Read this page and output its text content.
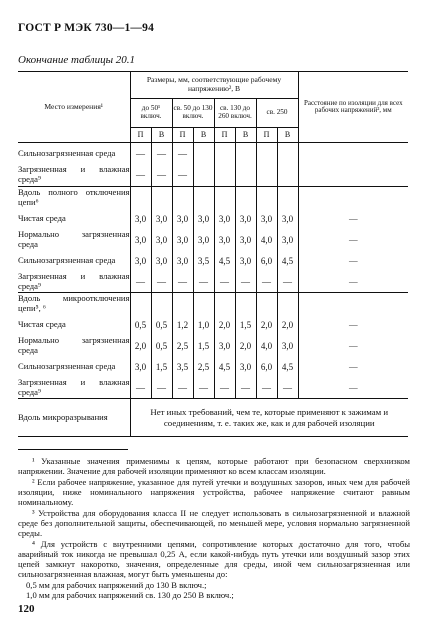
ГОСТ Р МЭК 730—1—94
Окончание таблицы 20.1
Место измерения¹	Размеры, мм, соответствующие рабочему напряжению², В								Расстояние по изоляции для всех рабочих напряжений², мм
	до 50¹ включ.		св. 50 до 130 включ.		св. 130 до 260 включ.		св. 250		
	П	В	П	В	П	В	П	В	
Сильнозагрязненная среда	—	—	—						
Загрязненная и влажная среда⁹	—	—	—						
Вдоль полного отключения цепи⁶									
Чистая среда	3,0	3,0	3,0	3,0	3,0	3,0	3,0	3,0	—
Нормально загрязненная среда	3,0	3,0	3,0	3,0	3,0	3,0	4,0	3,0	—
Сильнозагрязненная среда	3,0	3,0	3,0	3,5	4,5	3,0	6,0	4,5	—
Загрязненная и влажная среда⁹	—	—	—	—	—	—	—	—	—
Вдоль микроотключения цепи⁵, ⁶									
Чистая среда	0,5	0,5	1,2	1,0	2,0	1,5	2,0	2,0	—
Нормально загрязненная среда	2,0	0,5	2,5	1,5	3,0	2,0	4,0	3,0	—
Сильнозагрязненная среда	3,0	1,5	3,5	2,5	4,5	3,0	6,0	4,5	—
Загрязненная и влажная среда⁹	—	—	—	—	—	—	—	—	—
Вдоль микроразрывания	Нет иных требований, чем те, которые применяют к зажимам и соединениям, т. е. таких же, как и для рабочей изоляции								

¹ Указанные значения применимы к цепям, которые работают при безопасном сверхнизком напряжении. Значение для рабочей изоляции применяют ко всем классам изоляции.

² Если рабочее напряжение, указанное для путей утечки и воздушных зазоров, иных чем для рабочей изоляции, ниже номинального напряжения устройства, рабочее напряжение считают равным номинальному.

³ Устройства для оборудования класса II не следует использовать в сильнозагрязненной и влажной среде без дополнительной защиты, обеспечивающей, по меньшей мере, условия нормально загрязненной среды.

⁴ Для устройств с внутренними цепями, сопротивление которых достаточно для того, чтобы аварийный ток никогда не превышал 0,25 А, если какой-нибудь путь утечки или воздушный зазор этих цепей замкнут накоротко, значения, определенные для среды, иной чем сильнозагрязненная или сильнозагрязненная влажная, могут быть уменьшены до:

0,5 мм для рабочих напряжений до 130 В включ.;

1,0 мм для рабочих напряжений св. 130 до 250 В включ.;

120
